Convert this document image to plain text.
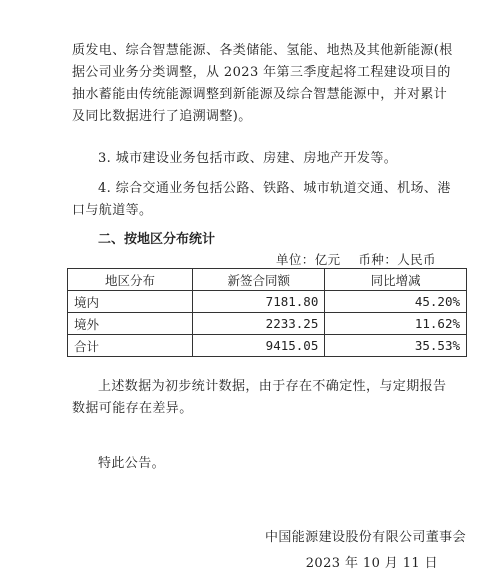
质发电、综合智慧能源、各类储能、氢能、地热及其他新能源(根
据公司业务分类调整，从 2023 年第三季度起将工程建设项目的
抽水蓄能由传统能源调整到新能源及综合智慧能源中，并对累计
及同比数据进行了追溯调整)。
3. 城市建设业务包括市政、房建、房地产开发等。
4. 综合交通业务包括公路、铁路、城市轨道交通、机场、港
口与航道等。
二、按地区分布统计
单位：亿元 币种：人民币
地区分布	新签合同额	同比增减
境内	7181.80	45.20%
境外	2233.25	11.62%
合计	9415.05	35.53%
上述数据为初步统计数据，由于存在不确定性，与定期报告
数据可能存在差异。
特此公告。
中国能源建设股份有限公司董事会
2023 年 10 月 11 日
